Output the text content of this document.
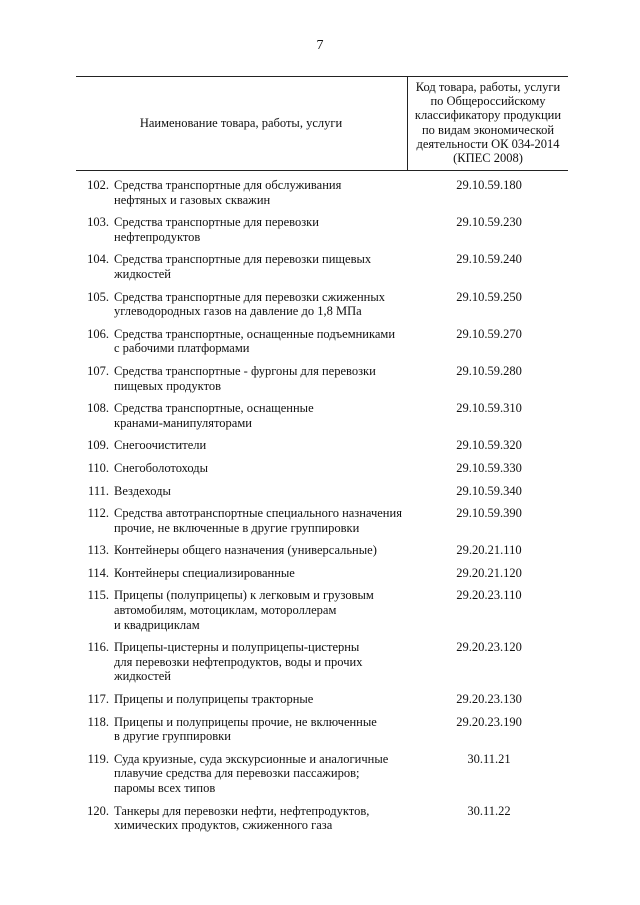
7
Наименование товара, работы, услуги
Код товара, работы, услуги
по Общероссийскому
классификатору продукции
по видам экономической
деятельности ОК 034-2014
(КПЕС 2008)
102. Средства транспортные для обслуживания
нефтяных и газовых скважин
29.10.59.180
103. Средства транспортные для перевозки
нефтепродуктов
29.10.59.230
104. Средства транспортные для перевозки пищевых
жидкостей
29.10.59.240
105. Средства транспортные для перевозки сжиженных
углеводородных газов на давление до 1,8 МПа
29.10.59.250
106. Средства транспортные, оснащенные подъемниками
с рабочими платформами
29.10.59.270
107. Средства транспортные - фургоны для перевозки
пищевых продуктов
29.10.59.280
108. Средства транспортные, оснащенные
кранами-манипуляторами
29.10.59.310
109. Снегоочистители	29.10.59.320
110. Снегоболотоходы	29.10.59.330
111. Вездеходы	29.10.59.340
112. Средства автотранспортные специального назначения
прочие, не включенные в другие группировки
29.10.59.390
113. Контейнеры общего назначения (универсальные)	29.20.21.110
114. Контейнеры специализированные	29.20.21.120
115. Прицепы (полуприцепы) к легковым и грузовым
автомобилям, мотоциклам, мотороллерам
и квадрициклам
29.20.23.110
116. Прицепы-цистерны и полуприцепы-цистерны
для перевозки нефтепродуктов, воды и прочих
жидкостей
29.20.23.120
117. Прицепы и полуприцепы тракторные	29.20.23.130
118. Прицепы и полуприцепы прочие, не включенные
в другие группировки
29.20.23.190
119. Суда круизные, суда экскурсионные и аналогичные
плавучие средства для перевозки пассажиров;
паромы всех типов
30.11.21
120. Танкеры для перевозки нефти, нефтепродуктов,
химических продуктов, сжиженного газа
30.11.22
